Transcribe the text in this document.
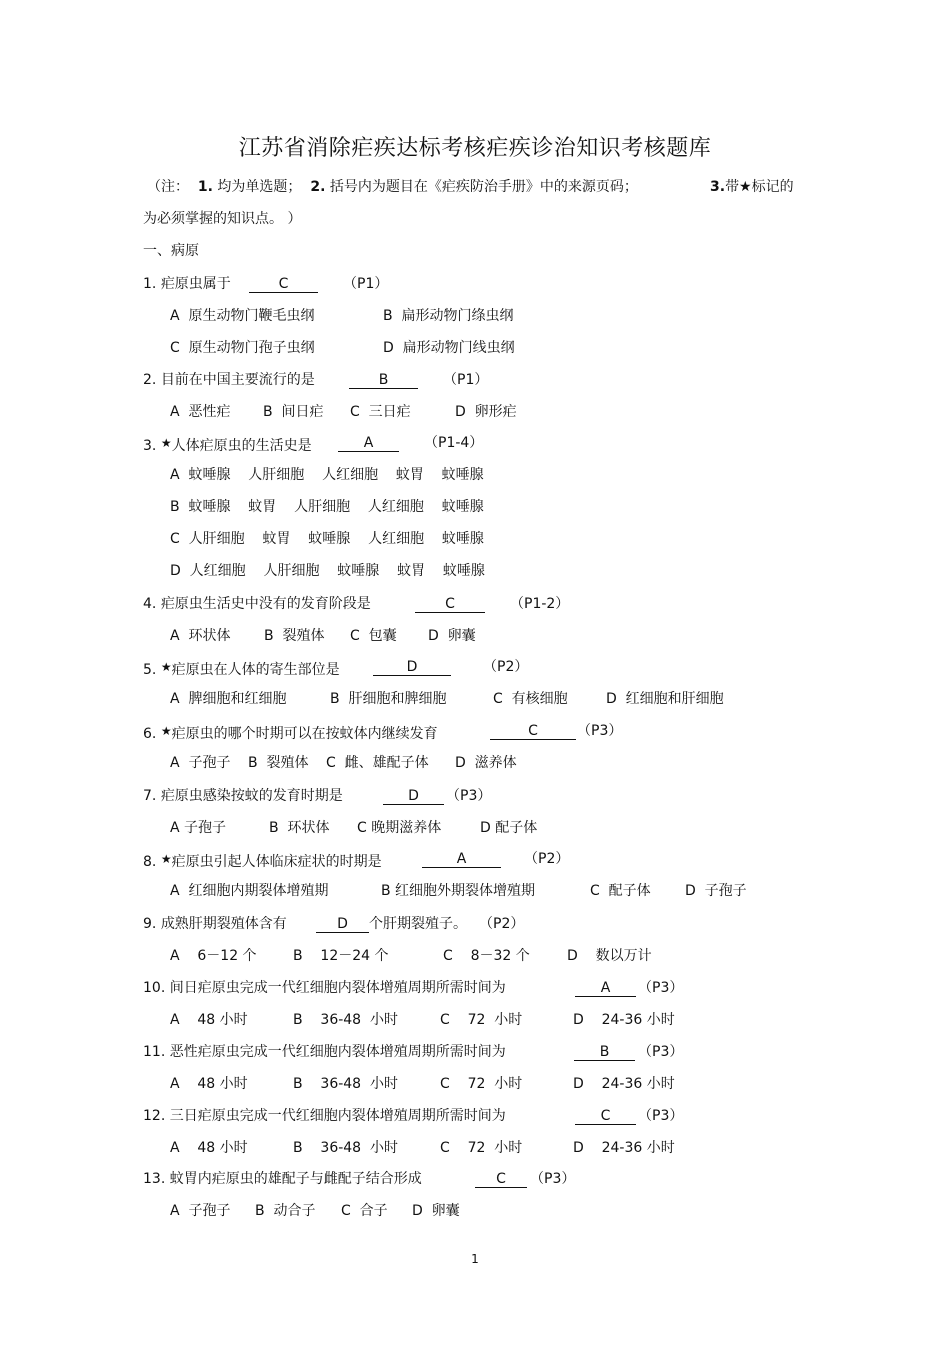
江苏省消除疟疾达标考核疟疾诊治知识考核题库
（注： 1. 均为单选题； 2. 括号内为题目在《疟疾防治手册》中的来源页码；	3.带★标记的
为必须掌握的知识点。 ）
一、病原
1. 疟原虫属于	C	（P1）
A  原生动物门鞭毛虫纲	B  扁形动物门绦虫纲
C  原生动物门孢子虫纲	D  扁形动物门线虫纲
2. 目前在中国主要流行的是	B	（P1）
A  恶性疟 B  间日疟 C  三日疟	D  卵形疟
3. ★人体疟原虫的生活史是	A	（P1-4）
A  蚊唾腺    人肝细胞    人红细胞    蚊胃    蚊唾腺
B  蚊唾腺    蚊胃    人肝细胞    人红细胞    蚊唾腺
C  人肝细胞    蚊胃    蚊唾腺    人红细胞    蚊唾腺
D  人红细胞    人肝细胞    蚊唾腺    蚊胃    蚊唾腺
4. 疟原虫生活史中没有的发育阶段是	C	（P1-2）
A  环状体 B  裂殖体 C  包囊 D  卵囊
5. ★疟原虫在人体的寄生部位是	D	（P2）
A  脾细胞和红细胞	B  肝细胞和脾细胞	C  有核细胞	D  红细胞和肝细胞
6. ★疟原虫的哪个时期可以在按蚊体内继续发育	C	（P3）
A  子孢子 B  裂殖体 C  雌、雄配子体 D  滋养体
7. 疟原虫感染按蚊的发育时期是	D	（P3）
A 子孢子	B  环状体 C 晚期滋养体	D 配子体
8. ★疟原虫引起人体临床症状的时期是	A	（P2）
A  红细胞内期裂体增殖期	B 红细胞外期裂体增殖期	C  配子体 D  子孢子
9. 成熟肝期裂殖体含有	D 个肝期裂殖子。 （P2）
A    6－12 个	B    12－24 个	C    8－32 个	D    数以万计
10. 间日疟原虫完成一代红细胞内裂体增殖周期所需时间为	A	（P3）
A    48 小时	B    36-48  小时	C    72  小时	D    24-36 小时
11. 恶性疟原虫完成一代红细胞内裂体增殖周期所需时间为	B	（P3）
A    48 小时	B    36-48  小时	C    72  小时	D    24-36 小时
12. 三日疟原虫完成一代红细胞内裂体增殖周期所需时间为	C	（P3）
A    48 小时	B    36-48  小时	C    72  小时	D    24-36 小时
13. 蚊胃内疟原虫的雄配子与雌配子结合形成	C	（P3）
A  子孢子 B  动合子 C  合子 D  卵囊
1
